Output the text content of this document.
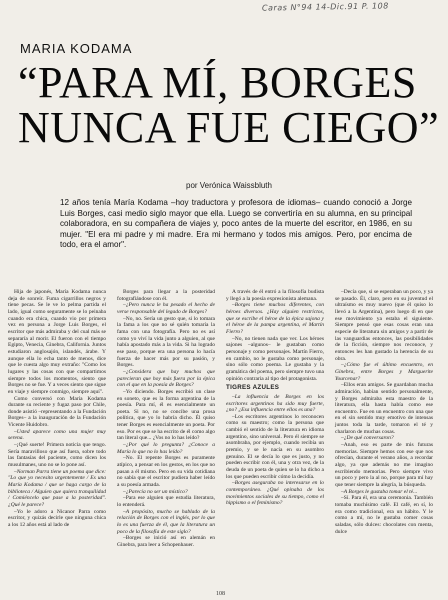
Caras N°94 14-Dic.91 P. 108
MARIA KODAMA
“PARA MÍ, BORGES
NUNCA FUE CIEGO”
por Verónica Waissbluth
12 años tenía María Kodama –hoy traductora y profesora de idiomas– cuando conoció a Jorge Luis Borges, casi medio siglo mayor que ella. Luego se convertiría en su alumna, en su principal colaboradora, en su compañera de viajes y, poco antes de la muerte del escritor, en 1986, en su mujer. "El era mi padre y mi madre. Era mi hermano y todos mis amigos. Pero, por encima de todo, era el amor".

Hija de japonés, María Kodama nunca deja de sonreír. Fuma cigarrillos negros y tiene pecas. Se le ve lo pelma partida el lado, igual como seguramente se lo peinaba cuando era chica, cuando vio por primera vez en persona a Jorge Luis Borges, el escritor que más admiraba y del cual más se separaría al morir. El fueron con el tiempo Egipto, Venecia, Ginebra, California. Juntos estudiaron anglosajón, islandés, árabe. Y aunque ella lo echa tanto de menos, dice que le cuesta algo muy extraño: "Como los lugares y las cosas con que compartimos siempre todos los momentos, siento que Borges no se fue. Y a veces siento que sigue en viaje y siempre conmigo, siempre aquí".

Como conversó con María Kodama durante su reciente y fugaz paso por Chile, donde asistió –representando a la Fundación Borges– a la inauguración de la Fundación Vicente Huidobro.

–Usted aparece como una mujer muy serena.

–¡Qué suerte! Primera noticia que tengo. Sería maravilloso que así fuera, sobre todo las fantasías del paciente, como dicen los musulmanes, uno no se lo pone así.

–Norman Parra tiene un poema que dice: "Lo que yo necesito urgentemente / Es una María Kodama / que se haga cargo de la biblioteca / Alguien que quiera tranquilidad / Comiéncelo que pase a la posteridad". ¿Qué le parece?

–Yo le adoro a Nicanor Parra como escritor, y quizás decirle que ninguna chica a los 12 años está al lado de

Borges para llegar a la posteridad fotografiándose con él.

–¿Pero nunca le ha pesado el hecho de verse responsable del legado de Borges?

–No, no. Sería un gesto que, si lo tomara la fama a los que no sé quién tomaría la fama con una fotografía. Pero no es así como yo viví la vida junto a alguien, al que había apostado más a la vida. Si ha logrado ese paso, porque era una persona lo hacía fuerza de hacer más por su pasión, y Borges.

–¿Considera que hay muchos que parecieran que hoy más fuera por la épica con el que en la poesía de Borges?

–Yo diciendo. Borges escribió un clase en soneto, que es la forma argentina de la poesía. Para mí, él es esencialmente un poeta. Si no, no se concibe una prosa política, que yo lo habría dicho. Él quiso tener Borges es esencialmente un poeta. Por eso. Por es que se ha escrito de él como algo tan literal que... ¿Vos no lo has leído?

–¿Por qué lo pregunta? ¿Conoce a María lo que no lo has leído?

–No. El repente Borges es puramente atípico, a pensar en los gestos, en los que no pasan a él mismo. Pero en su vida cotidiana no sabía que el escritor pudiera haber leído a su poesía armada.

–¿Parecía no ser un místico?

–Para ese alguien que estudia literatura, lo entenderá.

–A propósito, mucho se hablado de la relación de Borges con el inglés, por lo que lo es una fuerza de él, que la literatura un poco de la filosofía de este siglo?

–Borges se inició así en alemán en Ginebra, para leer a Schopenhauer.

A través de él entró a la filosofía budista y llegó a la poesía expresionista alemana.

–Borges tiene muchos diferentes, con héroes diversos. ¿Hay alguien restrictos, que se escribe el héroe de la épica sajona y el héroe de la pampa argentina, el Martín Fierro?

–No, no tienen nada que ver. Los héroes sajones –algunos– le gustaban como personaje y como personajes. Martín Fierro, en cambio, no le gustaba como personaje, sino sólo como poema. Le gustaba y la gramática del poema, pero siempre tuvo una opinión contraria al tipo del protagonista.

TIGRES AZULES

–La influencia de Borges en los escritores argentinos ha sido muy fuerte, ¿no? ¿Esa influencia entre ellos es una?

–Los escritores argentinos lo reconocen como su maestro; como la persona que cambió el sentido de la literatura en idioma argentino, sino universal. Pero él siempre se asombraba, por ejemplo, cuando recibía un premio, y se le nacía en su asombro genuino. El se decía lo que es justo, y no pueden escribir con él, una y otra vez, de la deuda de un poeta de quien se lo ha dicho a los que pueden escribir cómo la decidía.

–Borges aseguraba no interesarse en lo contemporáneo. ¿Qué opinaba de los movimientos sociales de su tiempo, como el hippismo o el feminismo?

–Decía que, si se esperaban un poco, y ya se pasado. Él, claro, pero en su juventud el ultraísmo es muy nuevo (que él quiso lo llevó a la Argentina), pero luego di en que ese movimiento ya estaba el siguiente. Siempre pensó que esas cosas eran una especie de literatura sin amigos y a partir de las vanguardias entonces, las posibilidades de la ficción, siempre nos reconoce, y entonces les han gustado la herencia de su obra.

–¿Cómo fue el último encuentro, en Ginebra, entre Borges y Marguerite Yourcenar?

–Ellos eran amigos. Se guardaban mucha admiración, habían sentido personalmente, y Borges admiraba esta maestro de la literatura, ella hasta había como ese encuentro. Fue en un encuentro con una que en el sin sentido muy emotivo de intensas juntos toda la tarde, tomaron el té y charlaron de muchas cosas.

–¿De qué conversaron?

–Anah, eso es parte de mis futuras memorias. Siempre hemos con ese que nos ofrecían, durante el verano años, a recordar algo, ya que además no me imagino escribiendo memorias. Pero siempre vivo un poco y pero la al no, porque para mí hay que tener siempre la alegría, la búsqueda.

–A Borges le gustaba tomar el té...

–Sí. Para él, era una ceremonia. También tomaba muchísimo café. El café, en sí, lo era como tradicional, era un hábito. Y le como a mí, no le gustaba comer cosas saladas, sólo dulces: chocolates con menta, dulce

108
